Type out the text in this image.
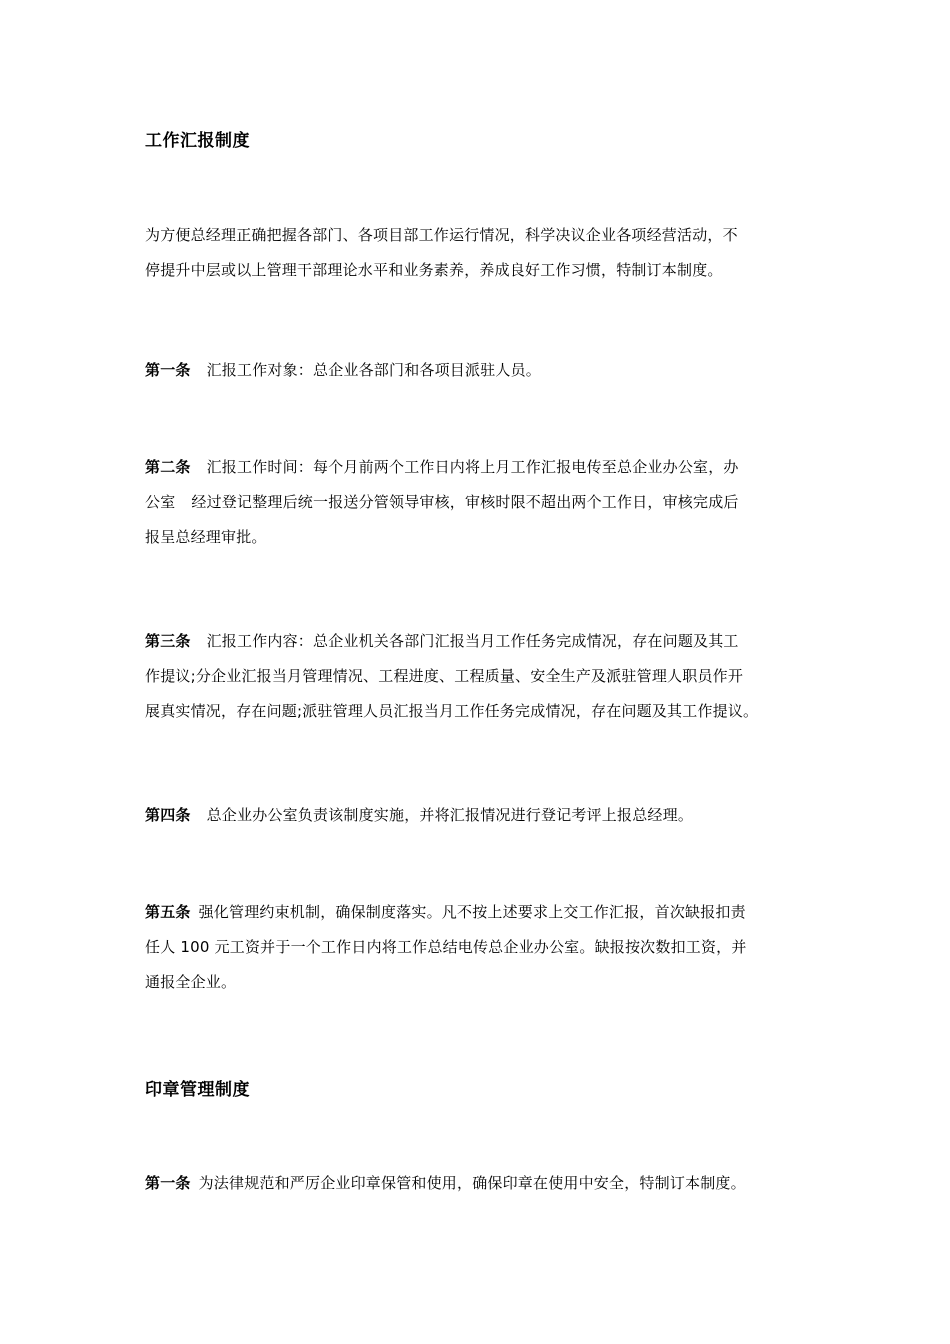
工作汇报制度
为方便总经理正确把握各部门、各项目部工作运行情况，科学决议企业各项经营活动，不
停提升中层或以上管理干部理论水平和业务素养，养成良好工作习惯，特制订本制度。
第一条 汇报工作对象：总企业各部门和各项目派驻人员。
第二条 汇报工作时间：每个月前两个工作日内将上月工作汇报电传至总企业办公室，办
公室 经过登记整理后统一报送分管领导审核，审核时限不超出两个工作日，审核完成后
报呈总经理审批。
第三条 汇报工作内容：总企业机关各部门汇报当月工作任务完成情况，存在问题及其工
作提议;分企业汇报当月管理情况、工程进度、工程质量、安全生产及派驻管理人职员作开
展真实情况，存在问题;派驻管理人员汇报当月工作任务完成情况，存在问题及其工作提议。
第四条 总企业办公室负责该制度实施，并将汇报情况进行登记考评上报总经理。
第五条 强化管理约束机制，确保制度落实。凡不按上述要求上交工作汇报，首次缺报扣责
任人 100 元工资并于一个工作日内将工作总结电传总企业办公室。缺报按次数扣工资，并
通报全企业。
印章管理制度
第一条 为法律规范和严厉企业印章保管和使用，确保印章在使用中安全，特制订本制度。
